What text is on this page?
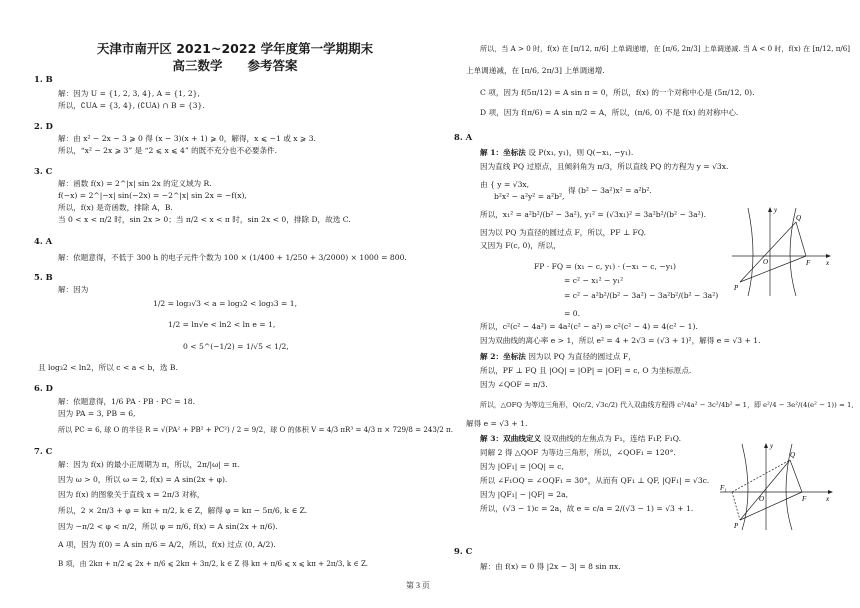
天津市南开区 2021~2022 学年度第一学期期末
高三数学　　参考答案
1. B
解：因为 U = {1, 2, 3, 4}, A = {1, 2},
所以，∁UA = {3, 4}, (∁UA) ∩ B = {3}.
2. D
解：由 x² − 2x − 3 ⩾ 0 得 (x − 3)(x + 1) ⩾ 0，解得，x ⩽ −1 或 x ⩾ 3.
所以，“x² − 2x ⩾ 3” 是 “2 ⩽ x ⩽ 4” 的既不充分也不必要条件.
3. C
解：函数 f(x) = 2^|x| sin 2x 的定义域为 R.
f(−x) = 2^|−x| sin(−2x) = −2^|x| sin 2x = −f(x),
所以，f(x) 是奇函数，排除 A，B.
当 0 < x < π/2 时，sin 2x > 0；当 π/2 < x < π 时，sin 2x < 0，排除 D，故选 C.
4. A
解：依题意得，不低于 300 h 的电子元件个数为 100 × (1/400 + 1/250 + 3/2000) × 1000 = 800.
5. B
解：因为
1/2 = log₃√3 < a = log₃2 < log₃3 = 1,
1/2 = ln√e < ln2 < ln e = 1,
0 < 5^(−1/2) = 1/√5 < 1/2,
且 log₃2 < ln2，所以 c < a < b，选 B.
6. D
解：依题意得，1/6 PA · PB · PC = 18.
因为 PA = 3, PB = 6,
所以 PC = 6, 球 O 的半径 R = √(PA² + PB² + PC²) / 2 = 9/2，球 O 的体积 V = 4/3 πR³ = 4/3 π × 729/8 = 243/2 π.
7. C
解：因为 f(x) 的最小正周期为 π，所以，2π/|ω| = π.
因为 ω > 0，所以 ω = 2, f(x) = A sin(2x + φ).
因为 f(x) 的图象关于直线 x = 2π/3 对称，
所以，2 × 2π/3 + φ = kπ + π/2, k ∈ Z，解得 φ = kπ − 5π/6, k ∈ Z.
因为 −π/2 < φ < π/2，所以 φ = π/6, f(x) = A sin(2x + π/6).
A 项，因为 f(0) = A sin π/6 = A/2，所以，f(x) 过点 (0, A/2).
B 项，由 2kπ + π/2 ⩽ 2x + π/6 ⩽ 2kπ + 3π/2, k ∈ Z 得 kπ + π/6 ⩽ x ⩽ kπ + 2π/3, k ∈ Z.
所以，当 A > 0 时，f(x) 在 [π/12, π/6] 上单调递增，在 [π/6, 2π/3] 上单调递减. 当 A < 0 时，f(x) 在 [π/12, π/6]
上单调递减，在 [π/6, 2π/3] 上单调递增.
C 项，因为 f(5π/12) = A sin π = 0，所以，f(x) 的一个对称中心是 (5π/12, 0).
D 项，因为 f(π/6) = A sin π/2 = A，所以，(π/6, 0) 不是 f(x) 的对称中心.
8. A
解 1：坐标法 设 P(x₁, y₁)，则 Q(−x₁, −y₁).
因为直线 PQ 过原点，且倾斜角为 π/3，所以直线 PQ 的方程为 y = √3x.
由 { y = √3x,
b²x² − a²y² = a²b²,
得 (b² − 3a²)x² = a²b².
所以，x₁² = a²b²/(b² − 3a²), y₁² = (√3x₁)² = 3a²b²/(b² − 3a²).
因为以 PQ 为直径的圆过点 F，所以，PF ⊥ FQ.
又因为 F(c, 0)，所以，
FP · FQ = (x₁ − c, y₁) · (−x₁ − c, −y₁)
= c² − x₁² − y₁²
= c² − a²b²/(b² − 3a²) − 3a²b²/(b² − 3a²)
= 0.
所以，c²(c² − 4a²) = 4a²(c² − a²) ⇒ c²(c² − 4) = 4(c² − 1).
因为双曲线的离心率 e > 1，所以 e² = 4 + 2√3 = (√3 + 1)²，解得 e = √3 + 1.
解 2：坐标法 因为以 PQ 为直径的圆过点 F，
所以，PF ⊥ FQ 且 |OQ| = |OP| = |OF| = c, O 为坐标原点.
因为 ∠QOF = π/3.
所以，△OFQ 为等边三角形，Q(c/2, √3c/2) 代入双曲线方程得 c²/4a² − 3c²/4b² = 1，即 e²/4 − 3e²/(4(e² − 1)) = 1,
解得 e = √3 + 1.
解 3：双曲线定义 设双曲线的左焦点为 F₁，连结 F₁P, F₁Q.
同解 2 得 △QOF 为等边三角形，所以，∠QOF₁ = 120°.
因为 |OF₁| = |OQ| = c,
所以 ∠F₁OQ = ∠OQF₁ = 30°，从而有 QF₁ ⊥ QF, |QF₁| = √3c.
因为 |QF₁| − |QF| = 2a,
所以，(√3 − 1)c = 2a，故 e = c/a = 2/(√3 − 1) = √3 + 1.
9. C
解：由 f(x) = 0 得 |2x − 3| = 8 sin πx.
y
x
O	F
Q
P
y
x
O	F
Q
P
F₁
第 3 页
